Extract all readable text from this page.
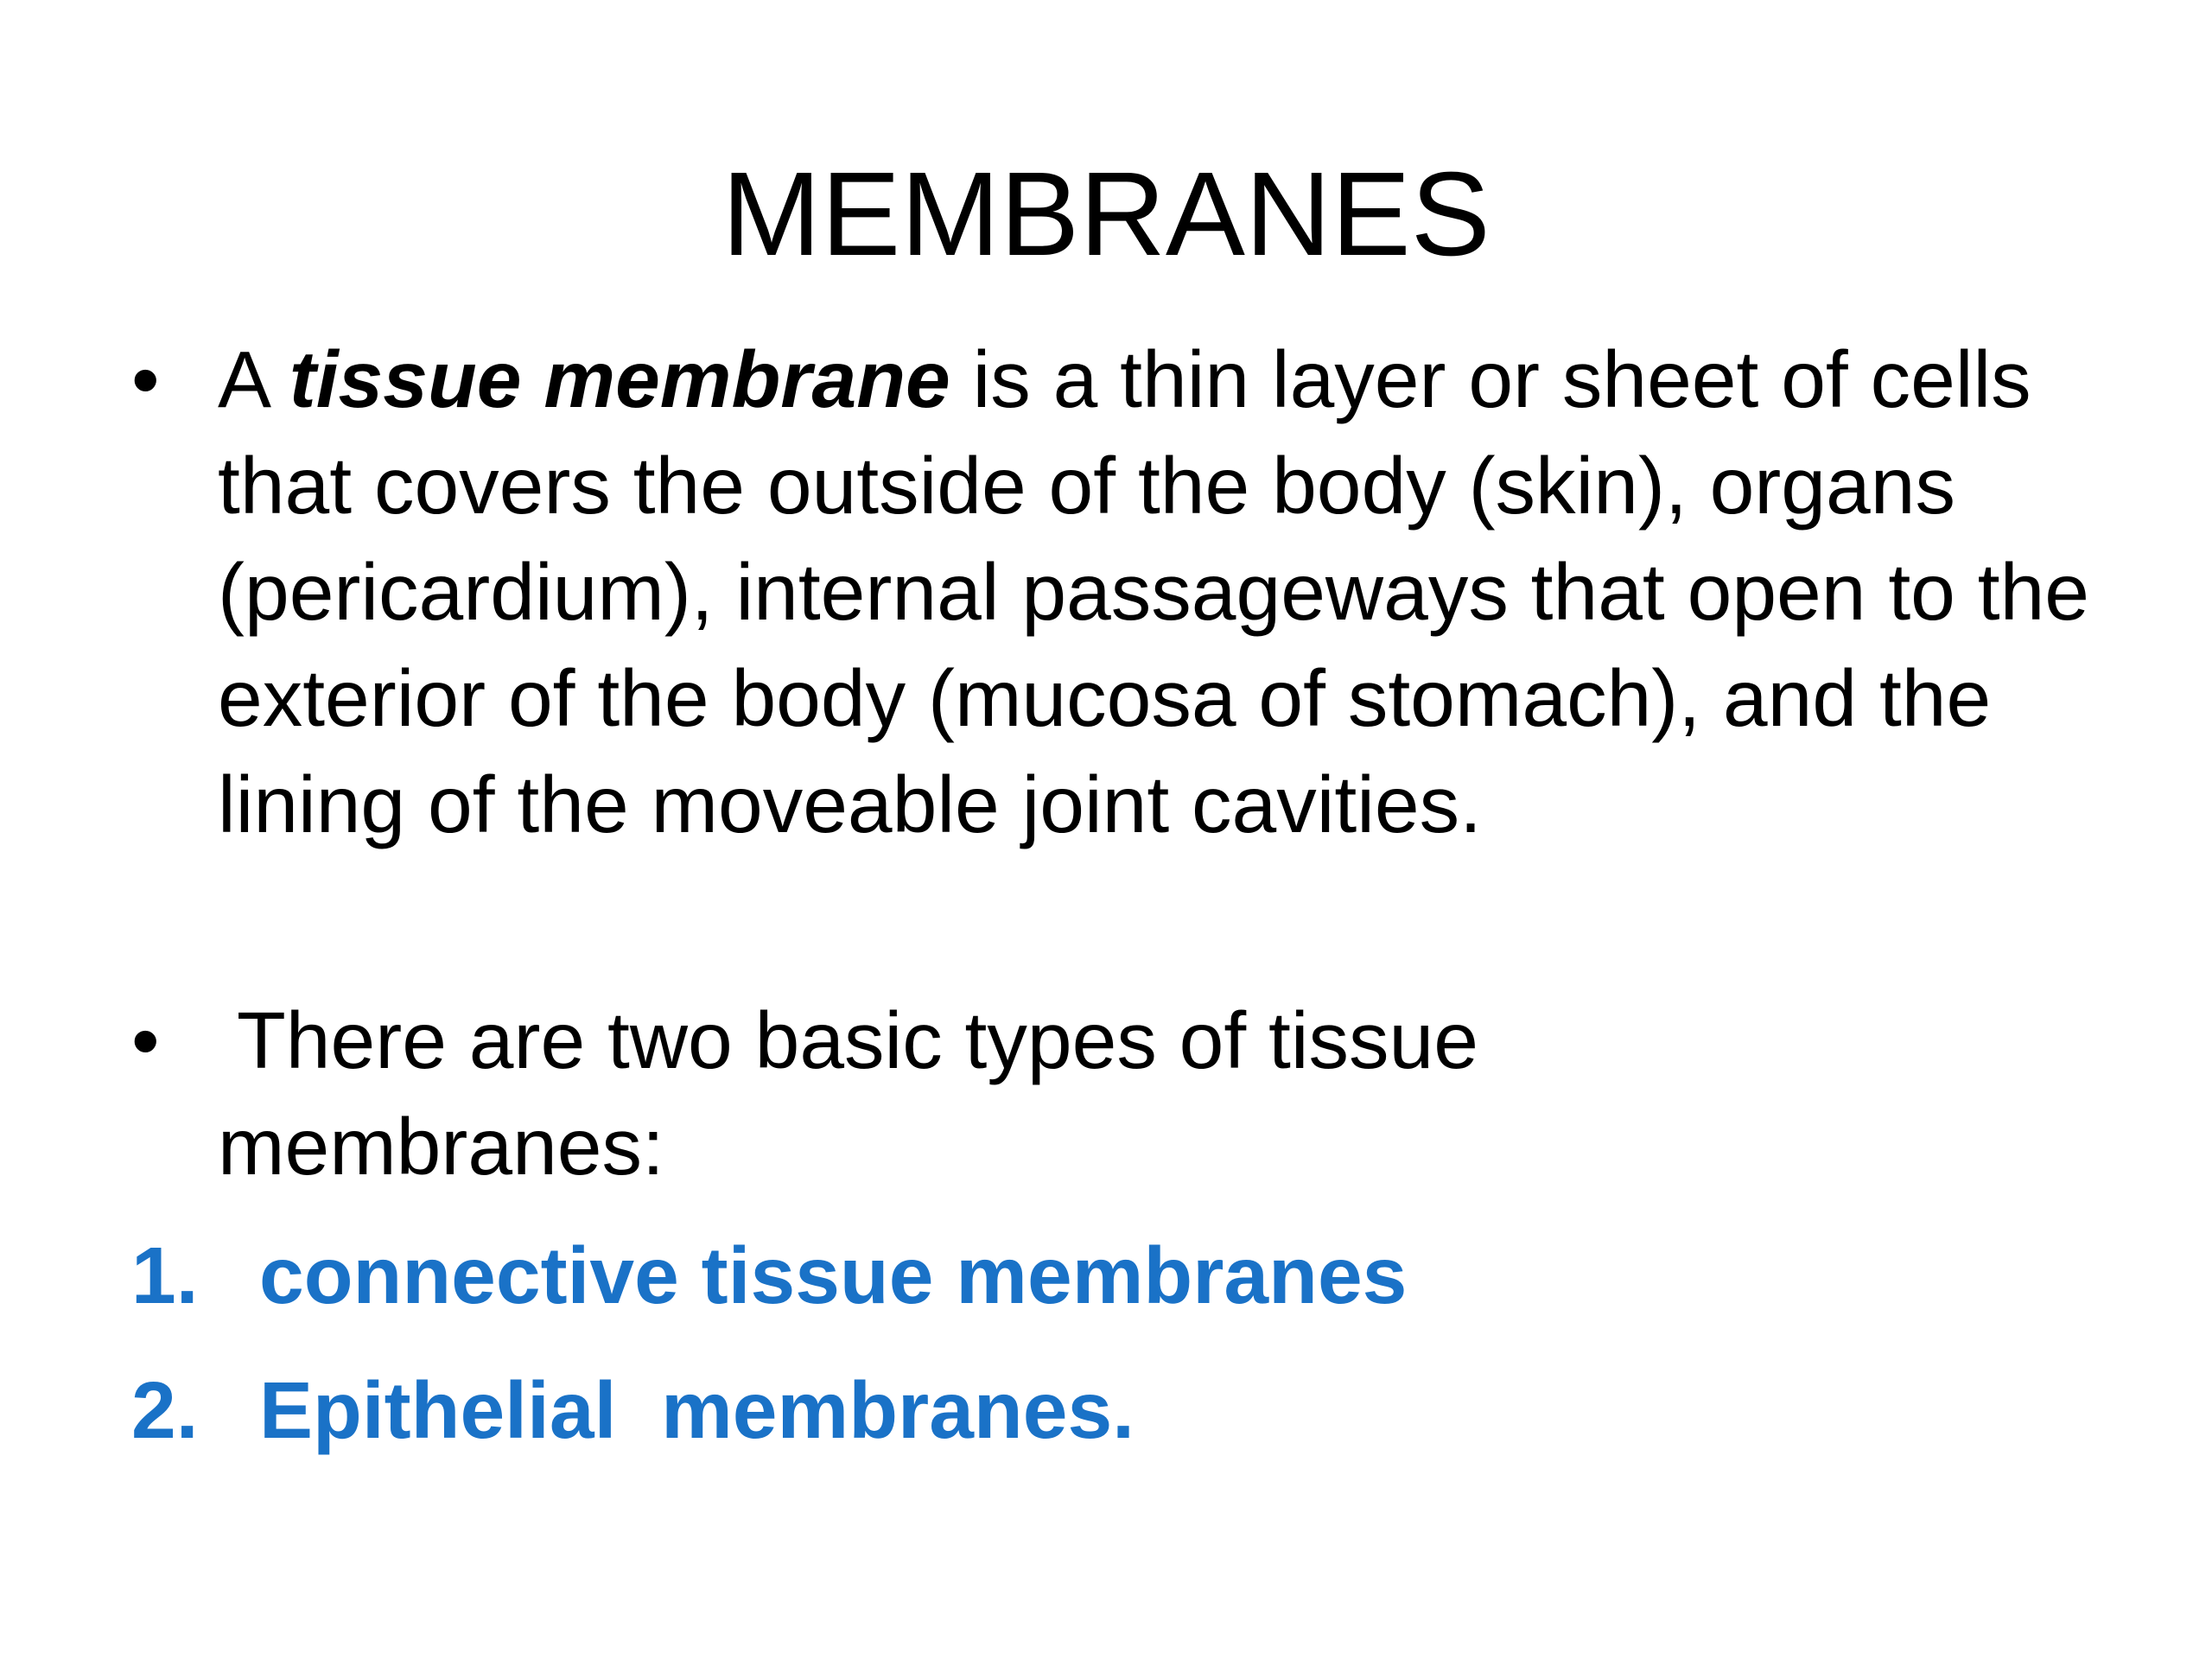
MEMBRANES
• A tissue membrane is a thin layer or sheet of cells that covers the outside of the body (skin), organs (pericardium), internal passageways that open to the exterior of the body (mucosa of stomach), and the lining of the moveable joint cavities.
• There are two basic types of tissue
membranes:
1. connective tissue membranes
2. Epithelial  membranes.
